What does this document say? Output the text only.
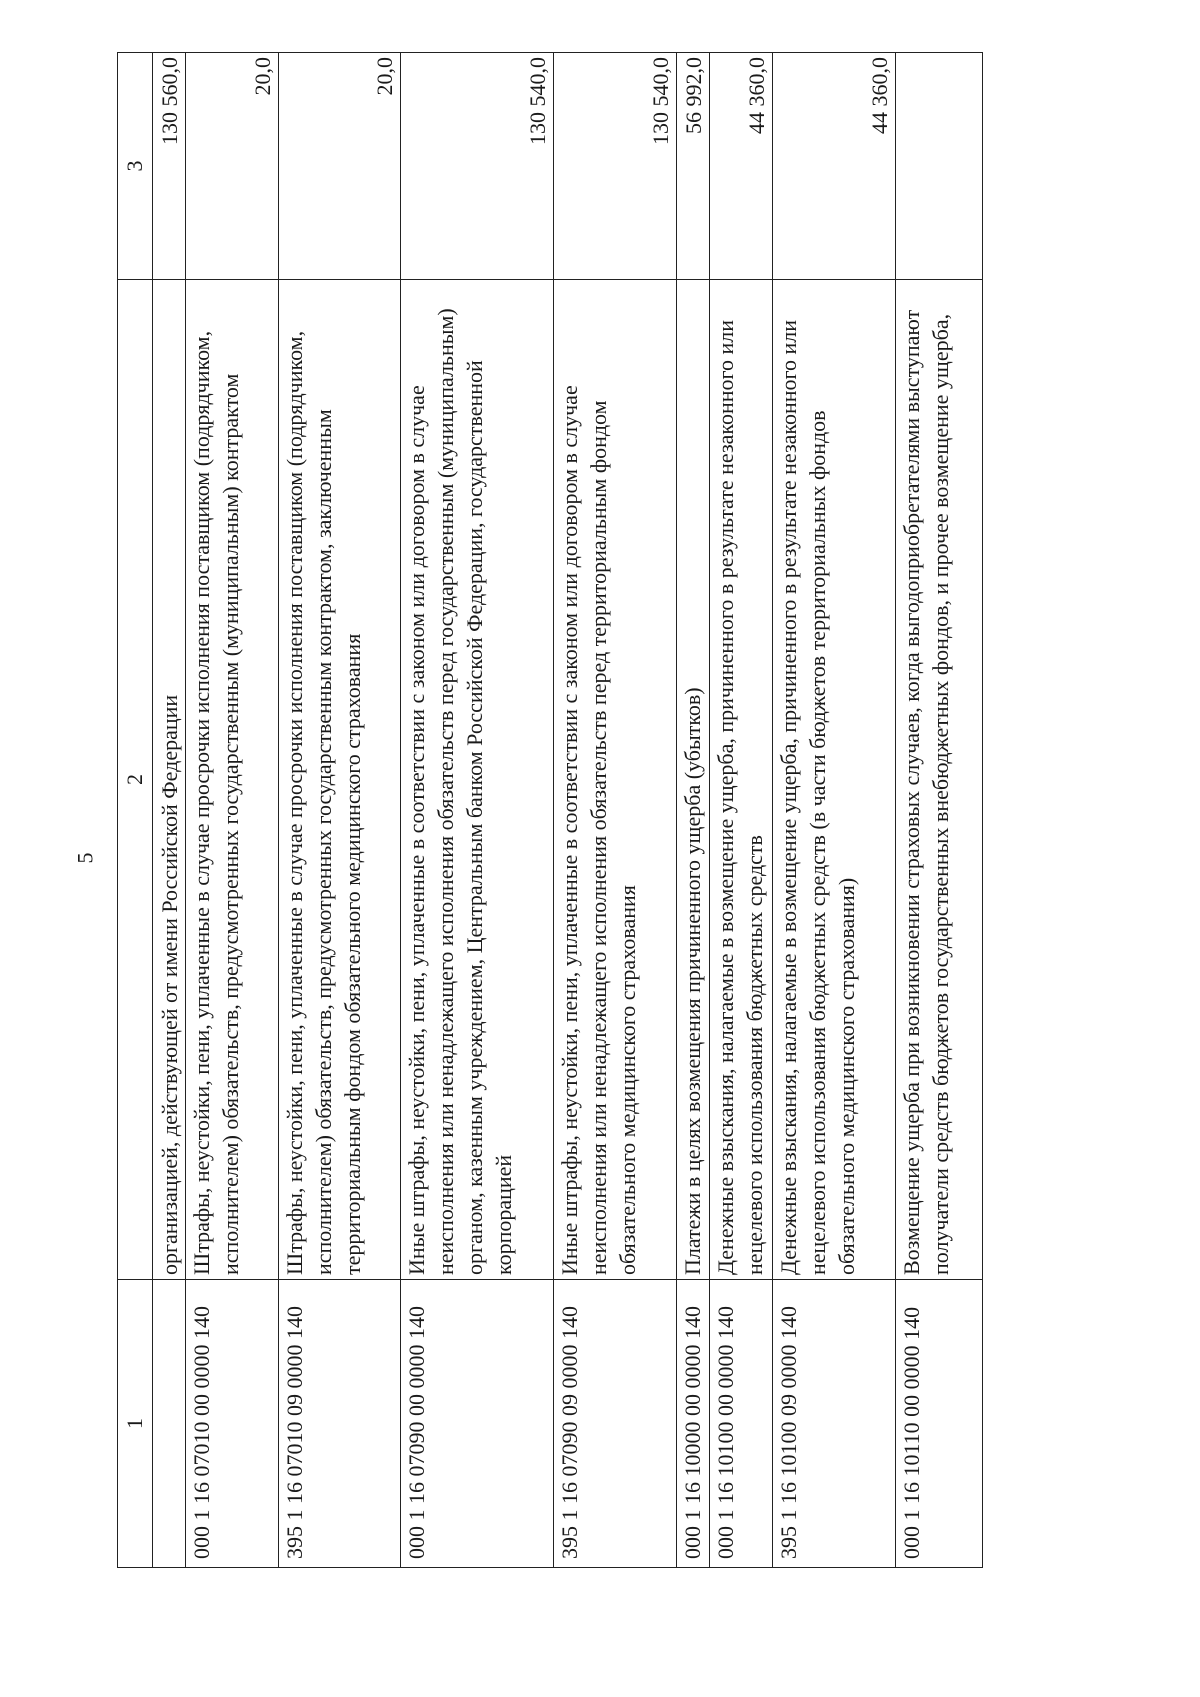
5
1	2	3
	организацией, действующей от имени Российской Федерации	130 560,0
000 1 16 07010 00 0000 140	Штрафы, неустойки, пени, уплаченные в случае просрочки исполнения поставщиком (подрядчиком, исполнителем) обязательств, предусмотренных государственным (муниципальным) контрактом	20,0
395 1 16 07010 09 0000 140	Штрафы, неустойки, пени, уплаченные в случае просрочки исполнения поставщиком (подрядчиком, исполнителем) обязательств, предусмотренных государственным контрактом, заключенным территориальным фондом обязательного медицинского страхования	20,0
000 1 16 07090 00 0000 140	Иные штрафы, неустойки, пени, уплаченные в соответствии с законом или договором в случае неисполнения или ненадлежащего исполнения обязательств перед государственным (муниципальным) органом, казенным учреждением, Центральным банком Российской Федерации, государственной корпорацией	130 540,0
395 1 16 07090 09 0000 140	Иные штрафы, неустойки, пени, уплаченные в соответствии с законом или договором в случае неисполнения или ненадлежащего исполнения обязательств перед территориальным фондом обязательного медицинского страхования	130 540,0
000 1 16 10000 00 0000 140	Платежи в целях возмещения причиненного ущерба (убытков)	56 992,0
000 1 16 10100 00 0000 140	Денежные взыскания, налагаемые в возмещение ущерба, причиненного в результате незаконного или нецелевого использования бюджетных средств	44 360,0
395 1 16 10100 09 0000 140	Денежные взыскания, налагаемые в возмещение ущерба, причиненного в результате незаконного или нецелевого использования бюджетных средств (в части бюджетов территориальных фондов обязательного медицинского страхования)	44 360,0
000 1 16 10110 00 0000 140	Возмещение ущерба при возникновении страховых случаев, когда выгодоприобретателями выступают получатели средств бюджетов государственных внебюджетных фондов, и прочее возмещение ущерба,	
